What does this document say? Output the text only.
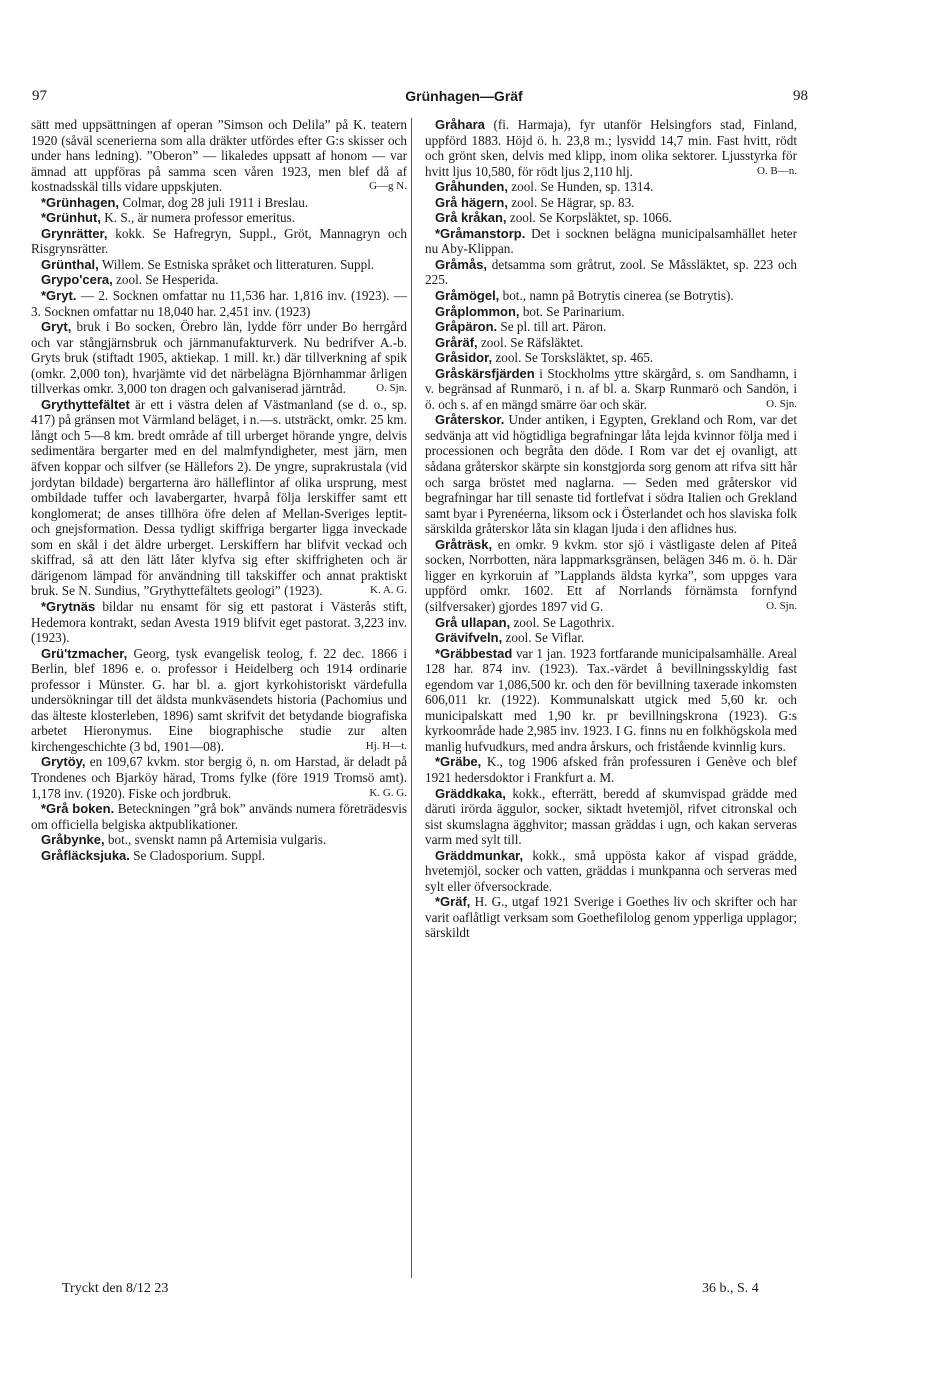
97	Grünhagen—Gräf	98

sätt med uppsättningen af operan ”Simson och Delila” på K. teatern 1920 (såväl scenerierna som alla dräkter utfördes efter G:s skisser och under hans ledning). ”Oberon” — likaledes uppsatt af honom — var ämnad att uppföras på samma scen våren 1923, men blef då af kostnadsskäl tills vidare uppskjuten.	G—g N.

*Grünhagen, Colmar, dog 28 juli 1911 i Breslau.

*Grünhut, K. S., är numera professor emeritus.

Grynrätter, kokk. Se Hafregryn, Suppl., Gröt, Mannagryn och Risgrynsrätter.

Grünthal, Willem. Se Estniska språket och litteraturen. Suppl.

Grypo'cera, zool. Se Hesperida.

*Gryt. — 2. Socknen omfattar nu 11,536 har. 1,816 inv. (1923). — 3. Socknen omfattar nu 18,040 har. 2,451 inv. (1923)

Gryt, bruk i Bo socken, Örebro län, lydde förr under Bo herrgård och var stångjärnsbruk och järnmanufakturverk. Nu bedrifver A.-b. Gryts bruk (stiftadt 1905, aktiekap. 1 mill. kr.) där tillverkning af spik (omkr. 2,000 ton), hvarjämte vid det närbelägna Björnhammar årligen tillverkas omkr. 3,000 ton dragen och galvaniserad järntråd.	O. Sjn.

Grythyttefältet är ett i västra delen af Västmanland (se d. o., sp. 417) på gränsen mot Värmland beläget, i n.—s. utsträckt, omkr. 25 km. långt och 5—8 km. bredt område af till urberget hörande yngre, delvis sedimentära bergarter med en del malmfyndigheter, mest järn, men äfven koppar och silfver (se Hällefors 2). De yngre, suprakrustala (vid jordytan bildade) bergarterna äro hälleflintor af olika ursprung, mest ombildade tuffer och lavabergarter, hvarpå följa lerskiffer samt ett konglomerat; de anses tillhöra öfre delen af Mellan-Sveriges leptit- och gnejsformation. Dessa tydligt skiffriga bergarter ligga inveckade som en skål i det äldre urberget. Lerskiffern har blifvit veckad och skiffrad, så att den lätt låter klyfva sig efter skiffrigheten och är därigenom lämpad för användning till takskiffer och annat praktiskt bruk. Se N. Sundius, ”Grythyttefältets geologi” (1923).	K. A. G.

*Grytnäs bildar nu ensamt för sig ett pastorat i Västerås stift, Hedemora kontrakt, sedan Avesta 1919 blifvit eget pastorat. 3,223 inv. (1923).

Grü'tzmacher, Georg, tysk evangelisk teolog, f. 22 dec. 1866 i Berlin, blef 1896 e. o. professor i Heidelberg och 1914 ordinarie professor i Münster. G. har bl. a. gjort kyrkohistoriskt värdefulla undersökningar till det äldsta munkväsendets historia (Pachomius und das älteste klosterleben, 1896) samt skrifvit det betydande biografiska arbetet Hieronymus. Eine biographische studie zur alten kirchengeschichte (3 bd, 1901—08).	Hj. H—t.

Grytöy, en 109,67 kvkm. stor bergig ö, n. om Harstad, är deladt på Trondenes och Bjarköy härad, Troms fylke (före 1919 Tromsö amt). 1,178 inv. (1920). Fiske och jordbruk.	K. G. G.

*Grå boken. Beteckningen ”grå bok” används numera företrädesvis om officiella belgiska aktpublikationer.

Gråbynke, bot., svenskt namn på Artemisia vulgaris.

Gråfläcksjuka. Se Cladosporium. Suppl.

Gråhara (fi. Harmaja), fyr utanför Helsingfors stad, Finland, uppförd 1883. Höjd ö. h. 23,8 m.; lysvidd 14,7 min. Fast hvitt, rödt och grönt sken, delvis med klipp, inom olika sektorer. Ljusstyrka för hvitt ljus 10,580, för rödt ljus 2,110 hlj.	O. B—n.

Gråhunden, zool. Se Hunden, sp. 1314.

Grå hägern, zool. Se Hägrar, sp. 83.

Grå kråkan, zool. Se Korpsläktet, sp. 1066.

*Gråmanstorp. Det i socknen belägna municipalsamhället heter nu Aby-Klippan.

Gråmås, detsamma som gråtrut, zool. Se Måssläktet, sp. 223 och 225.

Gråmögel, bot., namn på Botrytis cinerea (se Botrytis).

Gråplommon, bot. Se Parinarium.

Gråpäron. Se pl. till art. Päron.

Gråräf, zool. Se Räfsläktet.

Gråsidor, zool. Se Torsksläktet, sp. 465.

Gråskärsfjärden i Stockholms yttre skärgård, s. om Sandhamn, i v. begränsad af Runmarö, i n. af bl. a. Skarp Runmarö och Sandön, i ö. och s. af en mängd smärre öar och skär.	O. Sjn.

Gråterskor. Under antiken, i Egypten, Grekland och Rom, var det sedvänja att vid högtidliga begrafningar låta lejda kvinnor följa med i processionen och begråta den döde. I Rom var det ej ovanligt, att sådana gråterskor skärpte sin konstgjorda sorg genom att rifva sitt hår och sarga bröstet med naglarna. — Seden med gråterskor vid begrafningar har till senaste tid fortlefvat i södra Italien och Grekland samt byar i Pyrenéerna, liksom ock i Österlandet och hos slaviska folk särskilda gråterskor låta sin klagan ljuda i den aflidnes hus.

Gråträsk, en omkr. 9 kvkm. stor sjö i västligaste delen af Piteå socken, Norrbotten, nära lappmarksgränsen, belägen 346 m. ö. h. Där ligger en kyrkoruin af ”Lapplands äldsta kyrka”, som uppges vara uppförd omkr. 1602. Ett af Norrlands förnämsta fornfynd (silfversaker) gjordes 1897 vid G.	O. Sjn.

Grå ullapan, zool. Se Lagothrix.

Grävifveln, zool. Se Viflar.

*Gräbbestad var 1 jan. 1923 fortfarande municipalsamhälle. Areal 128 har. 874 inv. (1923). Tax.-värdet å bevillningsskyldig fast egendom var 1,086,500 kr. och den för bevillning taxerade inkomsten 606,011 kr. (1922). Kommunalskatt utgick med 5,60 kr. och municipalskatt med 1,90 kr. pr bevillningskrona (1923). G:s kyrkoområde hade 2,985 inv. 1923. I G. finns nu en folkhögskola med manlig hufvudkurs, med andra årskurs, och fristående kvinnlig kurs.

*Gräbe, K., tog 1906 afsked från professuren i Genève och blef 1921 hedersdoktor i Frankfurt a. M.

Gräddkaka, kokk., efterrätt, beredd af skumvispad grädde med däruti irörda äggulor, socker, siktadt hvetemjöl, rifvet citronskal och sist skumslagna ägghvitor; massan gräddas i ugn, och kakan serveras varm med sylt till.

Gräddmunkar, kokk., små uppösta kakor af vispad grädde, hvetemjöl, socker och vatten, gräddas i munkpanna och serveras med sylt eller öfversockrade.

*Gräf, H. G., utgaf 1921 Sverige i Goethes liv och skrifter och har varit oaflåtligt verksam som Goethefilolog genom ypperliga upplagor; särskildt

Tryckt den 8/12 23	36 b., S. 4
